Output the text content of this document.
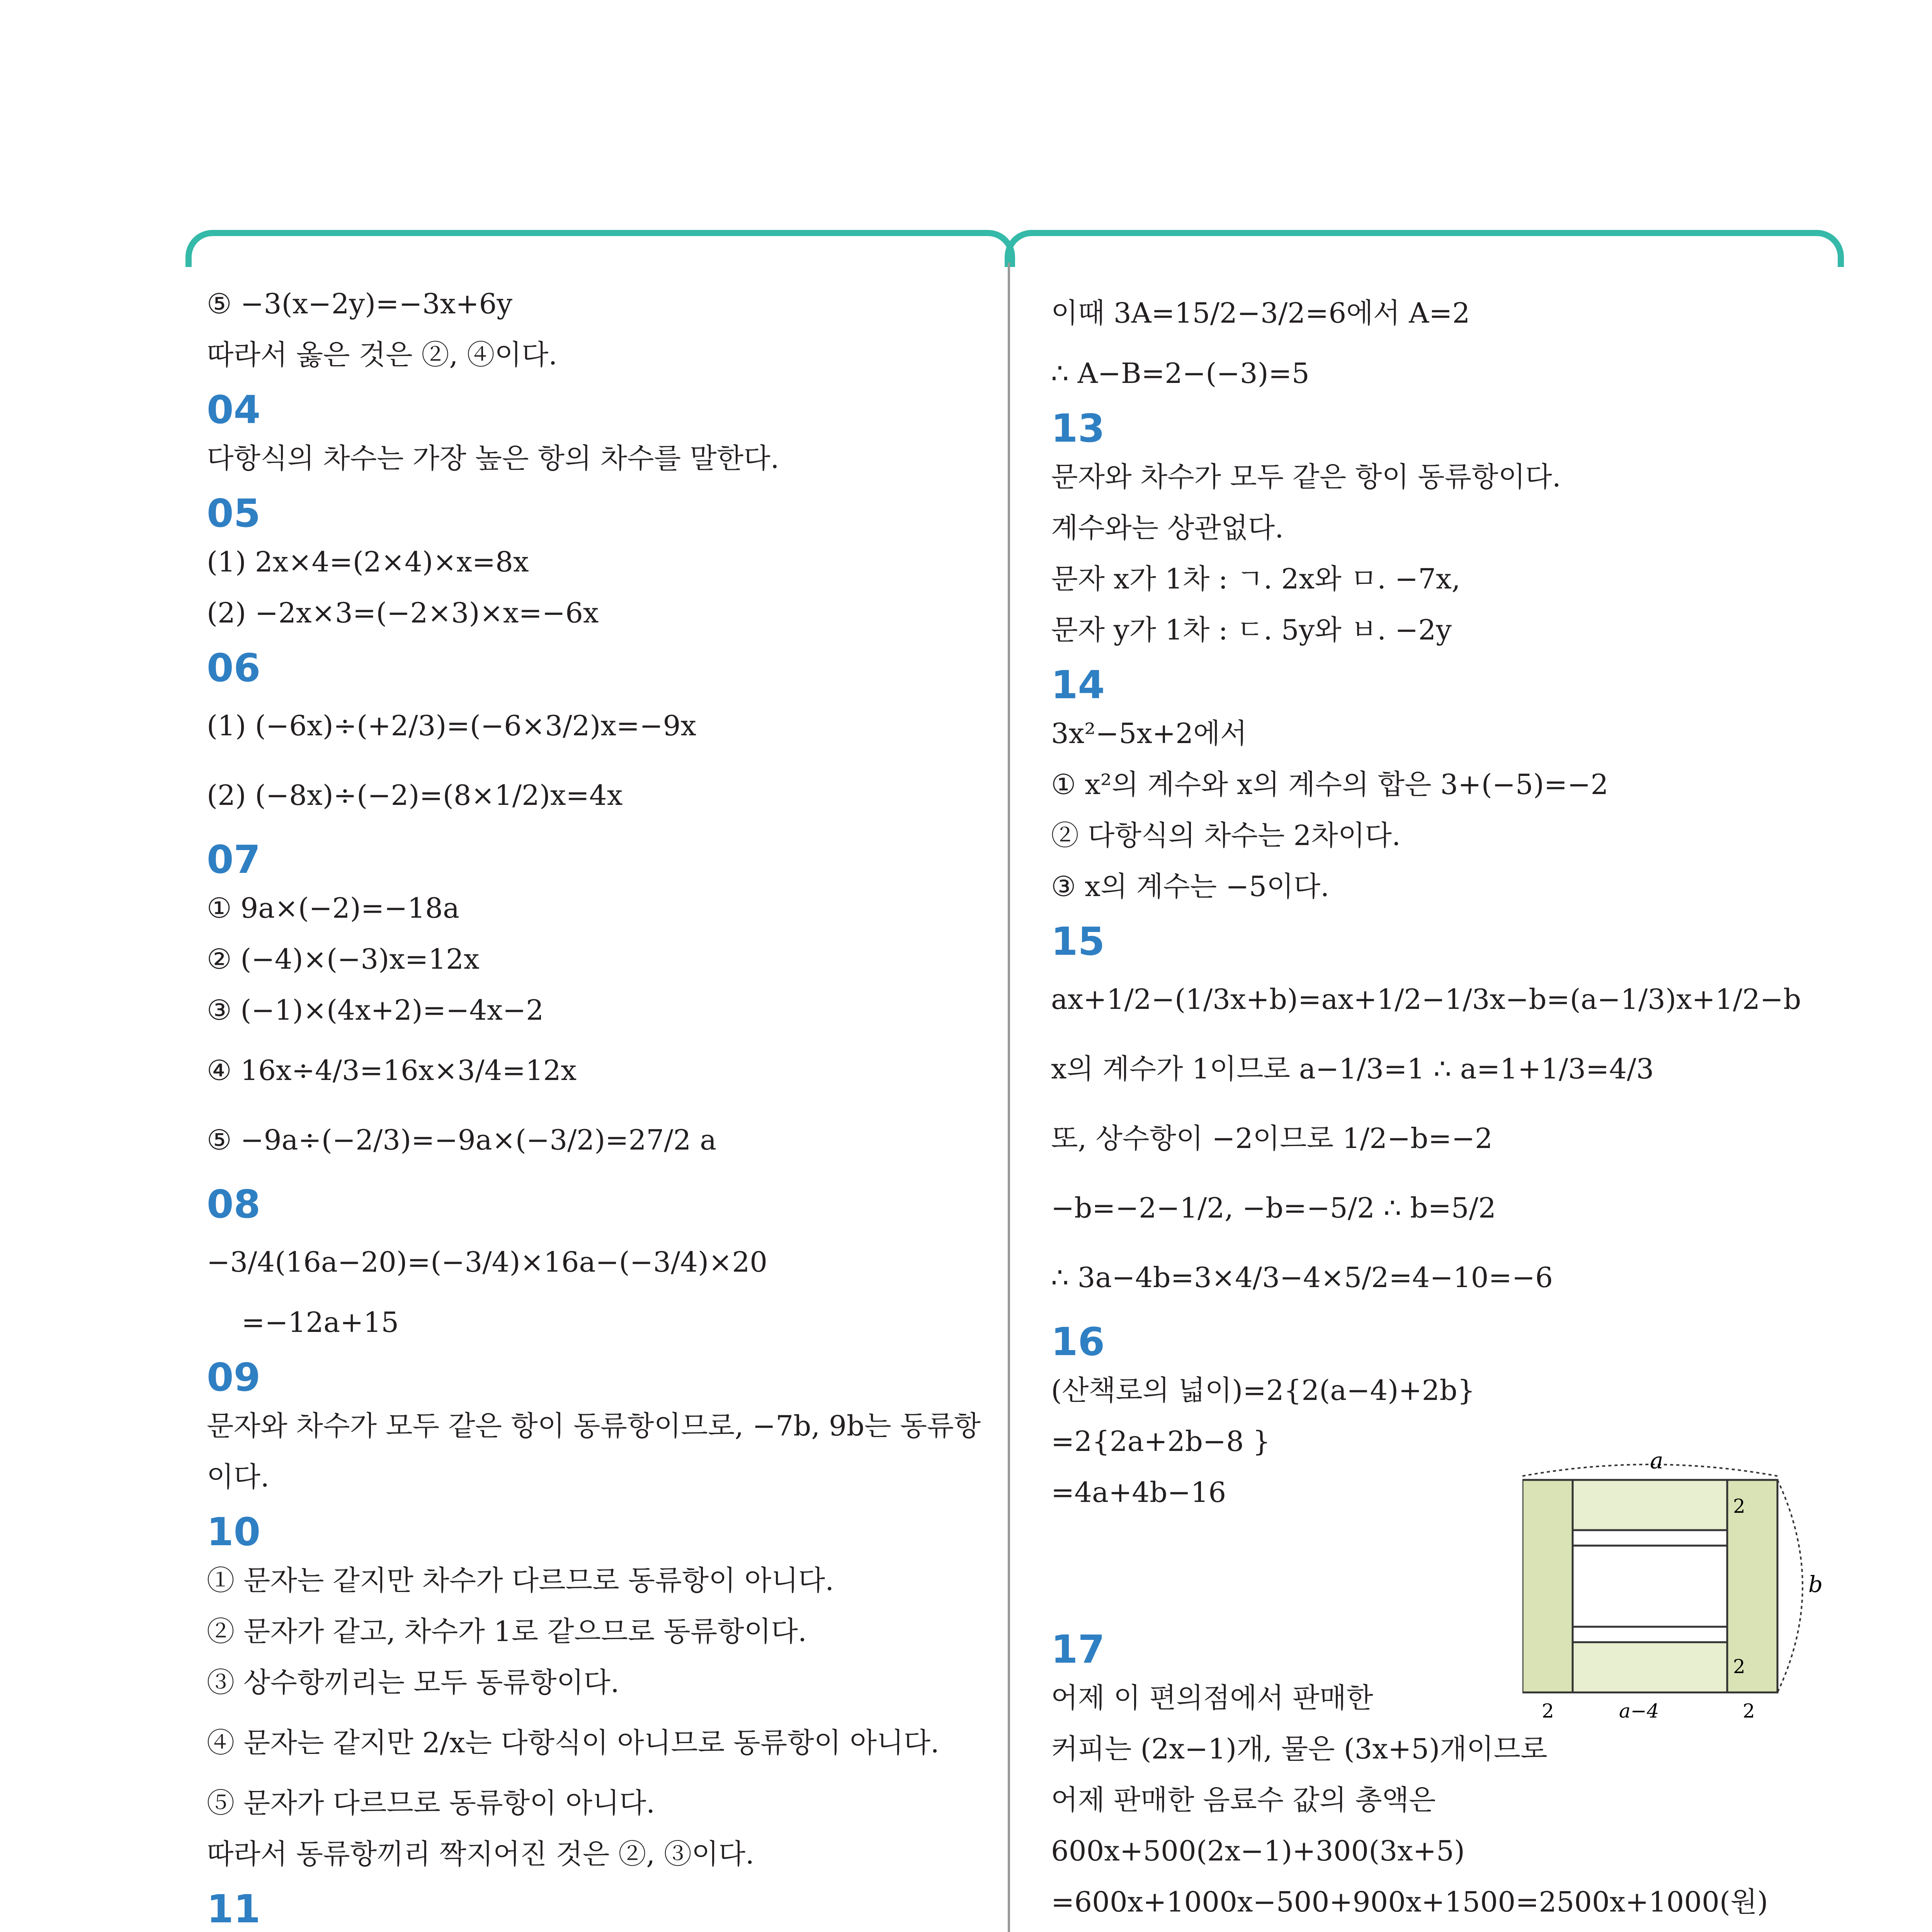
⑤ −3(x−2y)=−3x+6y
따라서 옳은 것은 ②, ④이다.
04
다항식의 차수는 가장 높은 항의 차수를 말한다.
05
(1) 2x×4=(2×4)×x=8x
(2) −2x×3=(−2×3)×x=−6x
06
(1) (−6x)÷(+2/3)=(−6×3/2)x=−9x
(2) (−8x)÷(−2)=(8×1/2)x=4x
07
① 9a×(−2)=−18a
② (−4)×(−3)x=12x
③ (−1)×(4x+2)=−4x−2
④ 16x÷4/3=16x×3/4=12x
⑤ −9a÷(−2/3)=−9a×(−3/2)=27/2 a
08
−3/4(16a−20)=(−3/4)×16a−(−3/4)×20
=−12a+15
09
문자와 차수가 모두 같은 항이 동류항이므로, −7b, 9b는 동류항
이다.
10
① 문자는 같지만 차수가 다르므로 동류항이 아니다.
② 문자가 같고, 차수가 1로 같으므로 동류항이다.
③ 상수항끼리는 모두 동류항이다.
④ 문자는 같지만 2/x는 다항식이 아니므로 동류항이 아니다.
⑤ 문자가 다르므로 동류항이 아니다.
따라서 동류항끼리 짝지어진 것은 ②, ③이다.
11
이때 3A=15/2−3/2=6에서 A=2
∴ A−B=2−(−3)=5
13
문자와 차수가 모두 같은 항이 동류항이다.
계수와는 상관없다.
문자 x가 1차 : ㄱ. 2x와 ㅁ. −7x,
문자 y가 1차 : ㄷ. 5y와 ㅂ. −2y
14
3x²−5x+2에서
① x²의 계수와 x의 계수의 합은 3+(−5)=−2
② 다항식의 차수는 2차이다.
③ x의 계수는 −5이다.
15
ax+1/2−(1/3x+b)=ax+1/2−1/3x−b=(a−1/3)x+1/2−b
x의 계수가 1이므로 a−1/3=1 ∴ a=1+1/3=4/3
또, 상수항이 −2이므로 1/2−b=−2
−b=−2−1/2, −b=−5/2 ∴ b=5/2
∴ 3a−4b=3×4/3−4×5/2=4−10=−6
16
(산책로의 넓이)=2{2(a−4)+2b}
=2{2a+2b−8 }
=4a+4b−16

17
어제 이 편의점에서 판매한
커피는 (2x−1)개, 물은 (3x+5)개이므로
어제 판매한 음료수 값의 총액은
600x+500(2x−1)+300(3x+5)
=600x+1000x−500+900x+1500=2500x+1000(원)
a
2
2
b
2	a−4	2
